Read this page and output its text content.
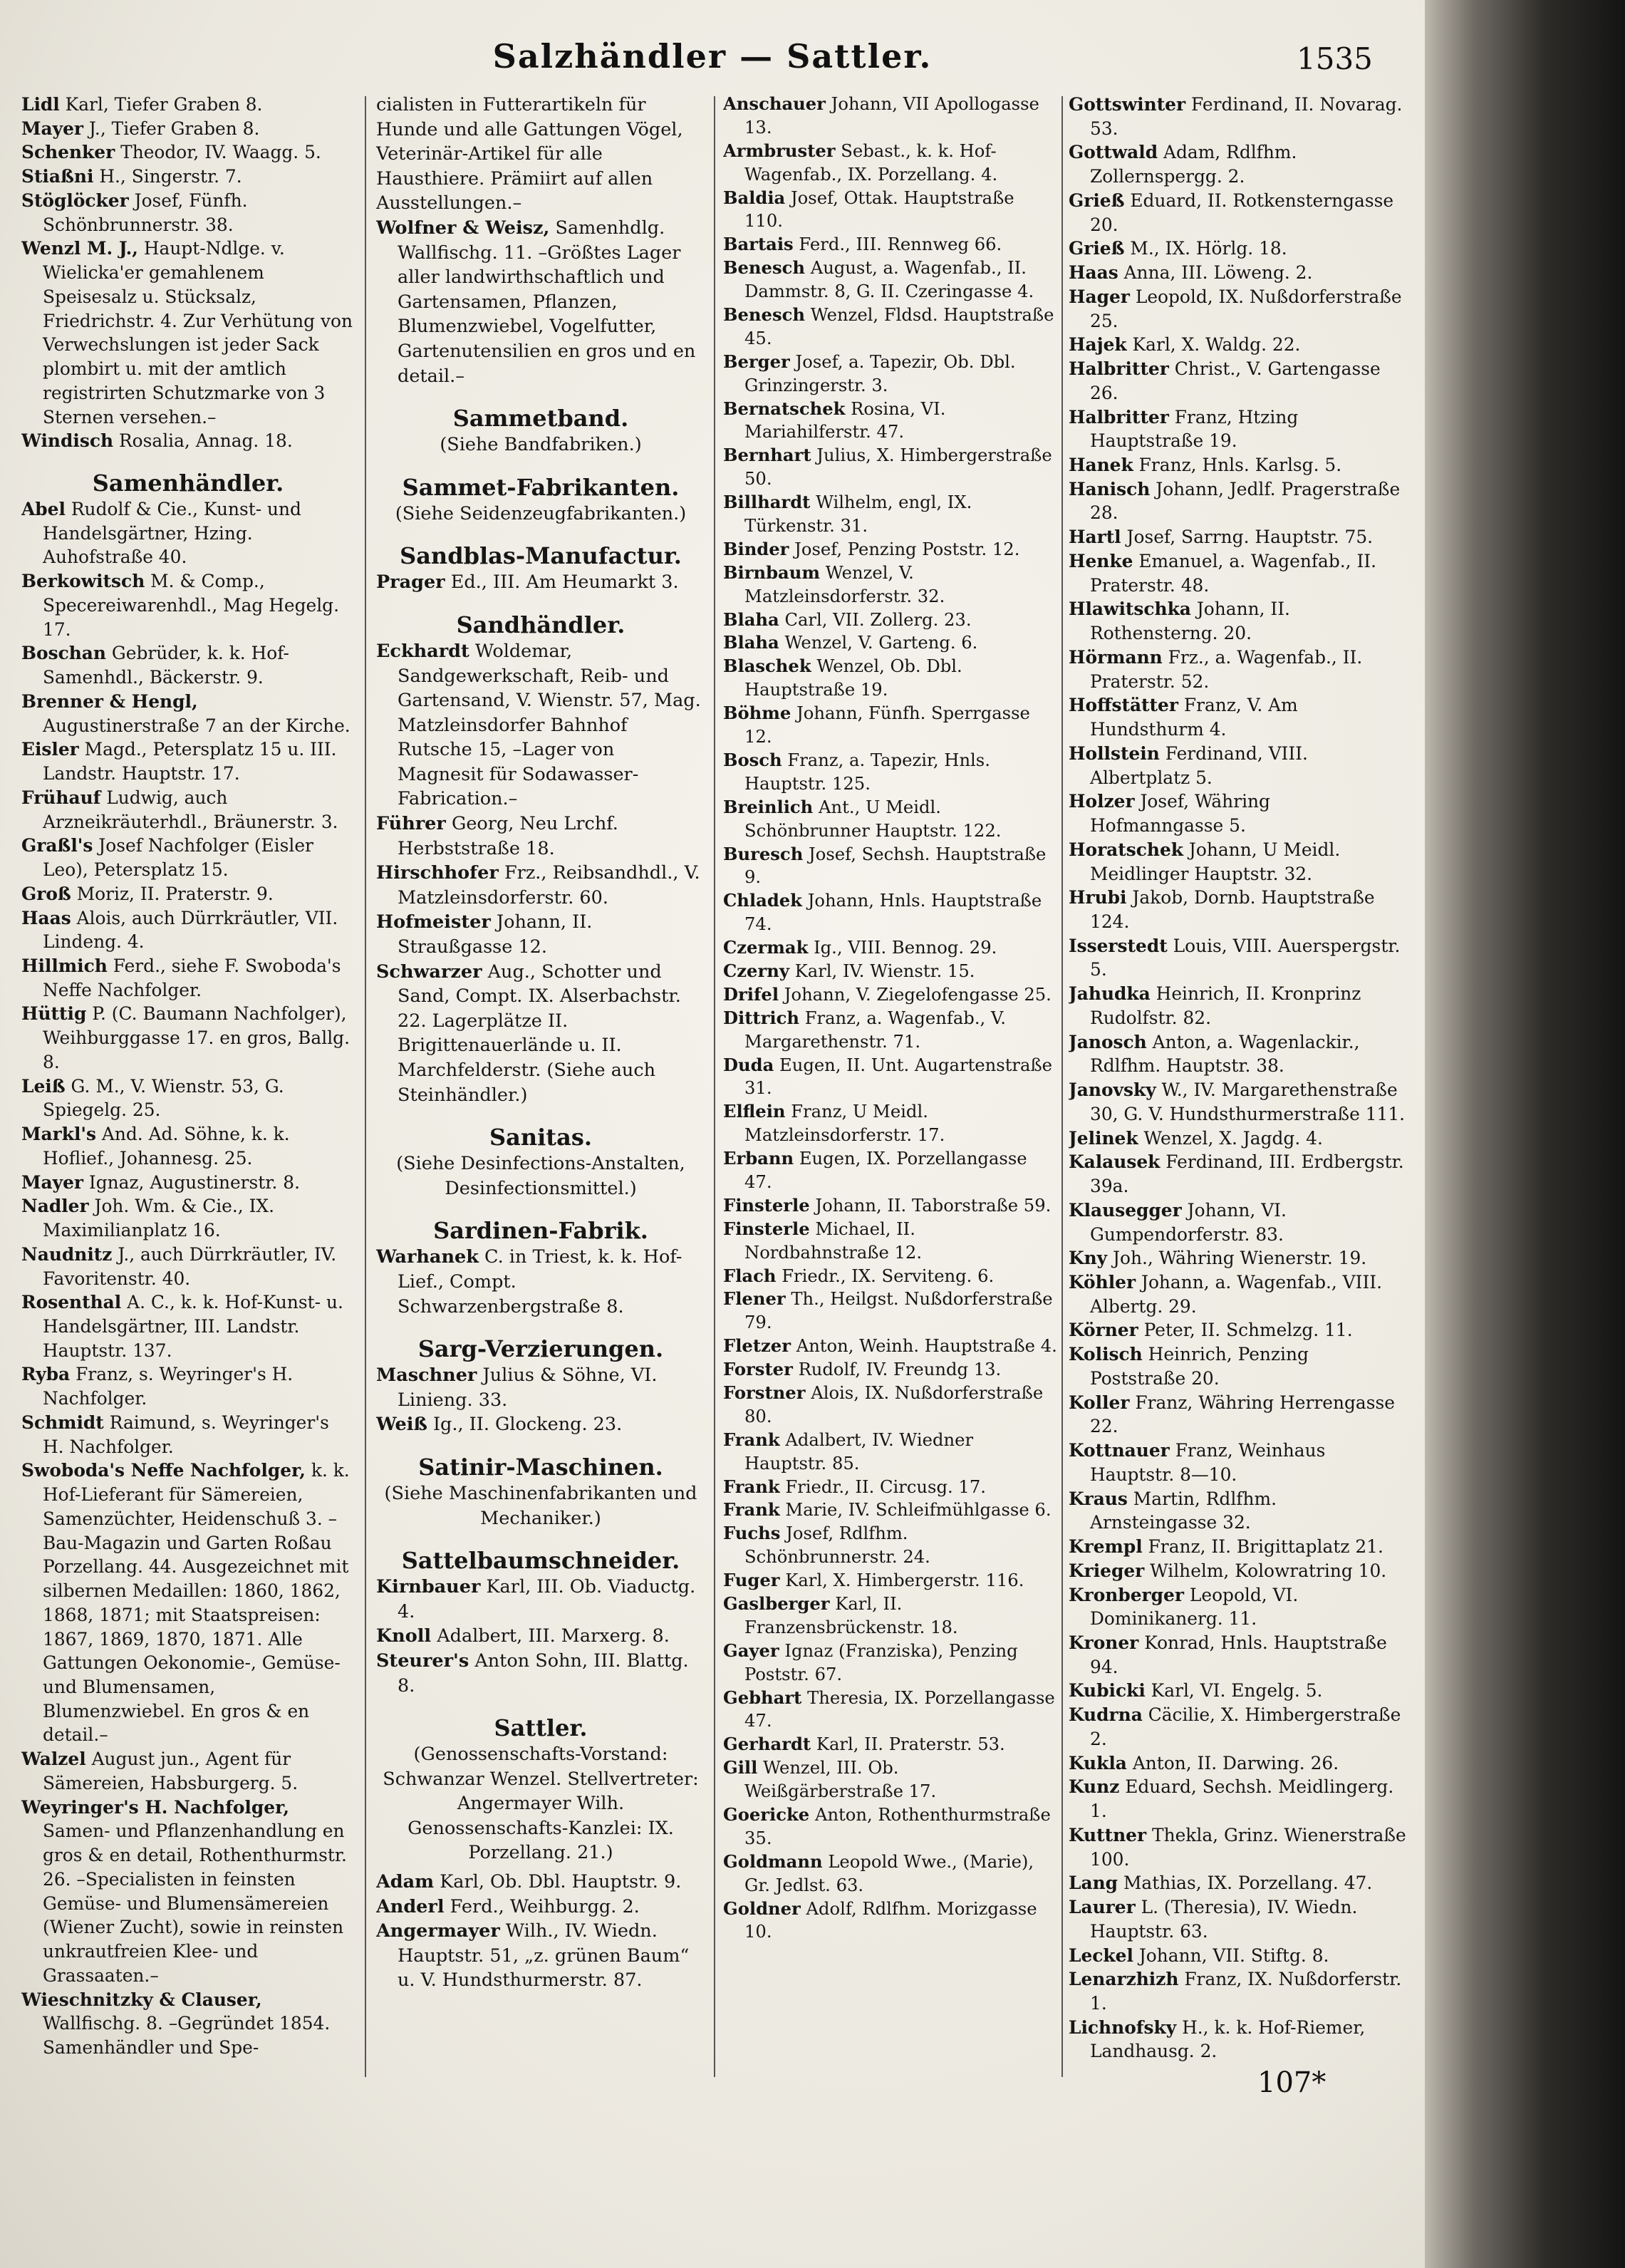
Salzhändler — Sattler.	1535

Lidl Karl, Tiefer Graben 8.

Mayer J., Tiefer Graben 8.

Schenker Theodor, IV. Waagg. 5.

Stiaßni H., Singerstr. 7.

Stöglöcker Josef, Fünfh. Schönbrunnerstr. 38.

Wenzl M. J., Haupt-Ndlge. v. Wielicka'er gemahlenem Speisesalz u. Stücksalz, Friedrichstr. 4. Zur Verhütung von Verwechslungen ist jeder Sack plombirt u. mit der amtlich registrirten Schutzmarke von 3 Sternen versehen.–

Windisch Rosalia, Annag. 18.

Samenhändler.

Abel Rudolf & Cie., Kunst- und Handelsgärtner, Hzing. Auhofstraße 40.

Berkowitsch M. & Comp., Specereiwarenhdl., Mag Hegelg. 17.

Boschan Gebrüder, k. k. Hof-Samenhdl., Bäckerstr. 9.

Brenner & Hengl, Augustinerstraße 7 an der Kirche.

Eisler Magd., Petersplatz 15 u. III. Landstr. Hauptstr. 17.

Frühauf Ludwig, auch Arzneikräuterhdl., Bräunerstr. 3.

Graßl's Josef Nachfolger (Eisler Leo), Petersplatz 15.

Groß Moriz, II. Praterstr. 9.

Haas Alois, auch Dürrkräutler, VII. Lindeng. 4.

Hillmich Ferd., siehe F. Swoboda's Neffe Nachfolger.

Hüttig P. (C. Baumann Nachfolger), Weihburggasse 17. en gros, Ballg. 8.

Leiß G. M., V. Wienstr. 53, G. Spiegelg. 25.

Markl's And. Ad. Söhne, k. k. Hoflief., Johannesg. 25.

Mayer Ignaz, Augustinerstr. 8.

Nadler Joh. Wm. & Cie., IX. Maximilianplatz 16.

Naudnitz J., auch Dürrkräutler, IV. Favoritenstr. 40.

Rosenthal A. C., k. k. Hof-Kunst- u. Handelsgärtner, III. Landstr. Hauptstr. 137.

Ryba Franz, s. Weyringer's H. Nachfolger.

Schmidt Raimund, s. Weyringer's H. Nachfolger.

Swoboda's Neffe Nachfolger, k. k. Hof-Lieferant für Sämereien, Samenzüchter, Heidenschuß 3. –Bau-Magazin und Garten Roßau Porzellang. 44. Ausgezeichnet mit silbernen Medaillen: 1860, 1862, 1868, 1871; mit Staatspreisen: 1867, 1869, 1870, 1871. Alle Gattungen Oekonomie-, Gemüse- und Blumensamen, Blumenzwiebel. En gros & en detail.–

Walzel August jun., Agent für Sämereien, Habsburgerg. 5.

Weyringer's H. Nachfolger, Samen- und Pflanzenhandlung en gros & en detail, Rothenthurmstr. 26. –Specialisten in feinsten Gemüse- und Blumensämereien (Wiener Zucht), sowie in reinsten unkrautfreien Klee- und Grassaaten.–

Wieschnitzky & Clauser, Wallfischg. 8. –Gegründet 1854. Samenhändler und Spe-

cialisten in Futterartikeln für Hunde und alle Gattungen Vögel, Veterinär-Artikel für alle Hausthiere. Prämiirt auf allen Ausstellungen.–

Wolfner & Weisz, Samenhdlg. Wallfischg. 11. –Größtes Lager aller landwirthschaftlich und Gartensamen, Pflanzen, Blumenzwiebel, Vogelfutter, Gartenutensilien en gros und en detail.–

Sammetband.
(Siehe Bandfabriken.)
Sammet-Fabrikanten.
(Siehe Seidenzeugfabrikanten.)
Sandblas-Manufactur.

Prager Ed., III. Am Heumarkt 3.

Sandhändler.

Eckhardt Woldemar, Sandgewerkschaft, Reib- und Gartensand, V. Wienstr. 57, Mag. Matzleinsdorfer Bahnhof Rutsche 15, –Lager von Magnesit für Sodawasser-Fabrication.–

Führer Georg, Neu Lrchf. Herbststraße 18.

Hirschhofer Frz., Reibsandhdl., V. Matzleinsdorferstr. 60.

Hofmeister Johann, II. Straußgasse 12.

Schwarzer Aug., Schotter und Sand, Compt. IX. Alserbachstr. 22. Lagerplätze II. Brigittenauerlände u. II. Marchfelderstr. (Siehe auch Steinhändler.)

Sanitas.
(Siehe Desinfections-Anstalten, Desinfectionsmittel.)
Sardinen-Fabrik.

Warhanek C. in Triest, k. k. Hof-Lief., Compt. Schwarzenbergstraße 8.

Sarg-Verzierungen.

Maschner Julius & Söhne, VI. Linieng. 33.

Weiß Ig., II. Glockeng. 23.

Satinir-Maschinen.
(Siehe Maschinenfabrikanten und Mechaniker.)
Sattelbaumschneider.

Kirnbauer Karl, III. Ob. Viaductg. 4.

Knoll Adalbert, III. Marxerg. 8.

Steurer's Anton Sohn, III. Blattg. 8.

Sattler.
(Genossenschafts-Vorstand: Schwanzar Wenzel. Stellvertreter: Angermayer Wilh. Genossenschafts-Kanzlei: IX. Porzellang. 21.)

Adam Karl, Ob. Dbl. Hauptstr. 9.

Anderl Ferd., Weihburgg. 2.

Angermayer Wilh., IV. Wiedn. Hauptstr. 51, „z. grünen Baum“ u. V. Hundsthurmerstr. 87.

Anschauer Johann, VII Apollogasse 13.

Armbruster Sebast., k. k. Hof-Wagenfab., IX. Porzellang. 4.

Baldia Josef, Ottak. Hauptstraße 110.

Bartais Ferd., III. Rennweg 66.

Benesch August, a. Wagenfab., II. Dammstr. 8, G. II. Czeringasse 4.

Benesch Wenzel, Fldsd. Hauptstraße 45.

Berger Josef, a. Tapezir, Ob. Dbl. Grinzingerstr. 3.

Bernatschek Rosina, VI. Mariahilferstr. 47.

Bernhart Julius, X. Himbergerstraße 50.

Billhardt Wilhelm, engl, IX. Türkenstr. 31.

Binder Josef, Penzing Poststr. 12.

Birnbaum Wenzel, V. Matzleinsdorferstr. 32.

Blaha Carl, VII. Zollerg. 23.

Blaha Wenzel, V. Garteng. 6.

Blaschek Wenzel, Ob. Dbl. Hauptstraße 19.

Böhme Johann, Fünfh. Sperrgasse 12.

Bosch Franz, a. Tapezir, Hnls. Hauptstr. 125.

Breinlich Ant., U Meidl. Schönbrunner Hauptstr. 122.

Buresch Josef, Sechsh. Hauptstraße 9.

Chladek Johann, Hnls. Hauptstraße 74.

Czermak Ig., VIII. Bennog. 29.

Czerny Karl, IV. Wienstr. 15.

Drifel Johann, V. Ziegelofengasse 25.

Dittrich Franz, a. Wagenfab., V. Margarethenstr. 71.

Duda Eugen, II. Unt. Augartenstraße 31.

Elflein Franz, U Meidl. Matzleinsdorferstr. 17.

Erbann Eugen, IX. Porzellangasse 47.

Finsterle Johann, II. Taborstraße 59.

Finsterle Michael, II. Nordbahnstraße 12.

Flach Friedr., IX. Serviteng. 6.

Flener Th., Heilgst. Nußdorferstraße 79.

Fletzer Anton, Weinh. Hauptstraße 4.

Forster Rudolf, IV. Freundg 13.

Forstner Alois, IX. Nußdorferstraße 80.

Frank Adalbert, IV. Wiedner Hauptstr. 85.

Frank Friedr., II. Circusg. 17.

Frank Marie, IV. Schleifmühlgasse 6.

Fuchs Josef, Rdlfhm. Schönbrunnerstr. 24.

Fuger Karl, X. Himbergerstr. 116.

Gaslberger Karl, II. Franzensbrückenstr. 18.

Gayer Ignaz (Franziska), Penzing Poststr. 67.

Gebhart Theresia, IX. Porzellangasse 47.

Gerhardt Karl, II. Praterstr. 53.

Gill Wenzel, III. Ob. Weißgärberstraße 17.

Goericke Anton, Rothenthurmstraße 35.

Goldmann Leopold Wwe., (Marie), Gr. Jedlst. 63.

Goldner Adolf, Rdlfhm. Morizgasse 10.

Gottswinter Ferdinand, II. Novarag. 53.

Gottwald Adam, Rdlfhm. Zollernspergg. 2.

Grieß Eduard, II. Rotkensterngasse 20.

Grieß M., IX. Hörlg. 18.

Haas Anna, III. Löweng. 2.

Hager Leopold, IX. Nußdorferstraße 25.

Hajek Karl, X. Waldg. 22.

Halbritter Christ., V. Gartengasse 26.

Halbritter Franz, Htzing Hauptstraße 19.

Hanek Franz, Hnls. Karlsg. 5.

Hanisch Johann, Jedlf. Pragerstraße 28.

Hartl Josef, Sarrng. Hauptstr. 75.

Henke Emanuel, a. Wagenfab., II. Praterstr. 48.

Hlawitschka Johann, II. Rothensterng. 20.

Hörmann Frz., a. Wagenfab., II. Praterstr. 52.

Hoffstätter Franz, V. Am Hundsthurm 4.

Hollstein Ferdinand, VIII. Albertplatz 5.

Holzer Josef, Währing Hofmanngasse 5.

Horatschek Johann, U Meidl. Meidlinger Hauptstr. 32.

Hrubi Jakob, Dornb. Hauptstraße 124.

Isserstedt Louis, VIII. Auerspergstr. 5.

Jahudka Heinrich, II. Kronprinz Rudolfstr. 82.

Janosch Anton, a. Wagenlackir., Rdlfhm. Hauptstr. 38.

Janovsky W., IV. Margarethenstraße 30, G. V. Hundsthurmerstraße 111.

Jelinek Wenzel, X. Jagdg. 4.

Kalausek Ferdinand, III. Erdbergstr. 39a.

Klausegger Johann, VI. Gumpendorferstr. 83.

Kny Joh., Währing Wienerstr. 19.

Köhler Johann, a. Wagenfab., VIII. Albertg. 29.

Körner Peter, II. Schmelzg. 11.

Kolisch Heinrich, Penzing Poststraße 20.

Koller Franz, Währing Herrengasse 22.

Kottnauer Franz, Weinhaus Hauptstr. 8—10.

Kraus Martin, Rdlfhm. Arnsteingasse 32.

Krempl Franz, II. Brigittaplatz 21.

Krieger Wilhelm, Kolowratring 10.

Kronberger Leopold, VI. Dominikanerg. 11.

Kroner Konrad, Hnls. Hauptstraße 94.

Kubicki Karl, VI. Engelg. 5.

Kudrna Cäcilie, X. Himbergerstraße 2.

Kukla Anton, II. Darwing. 26.

Kunz Eduard, Sechsh. Meidlingerg. 1.

Kuttner Thekla, Grinz. Wienerstraße 100.

Lang Mathias, IX. Porzellang. 47.

Laurer L. (Theresia), IV. Wiedn. Hauptstr. 63.

Leckel Johann, VII. Stiftg. 8.

Lenarzhizh Franz, IX. Nußdorferstr. 1.

Lichnofsky H., k. k. Hof-Riemer, Landhausg. 2.

107*
